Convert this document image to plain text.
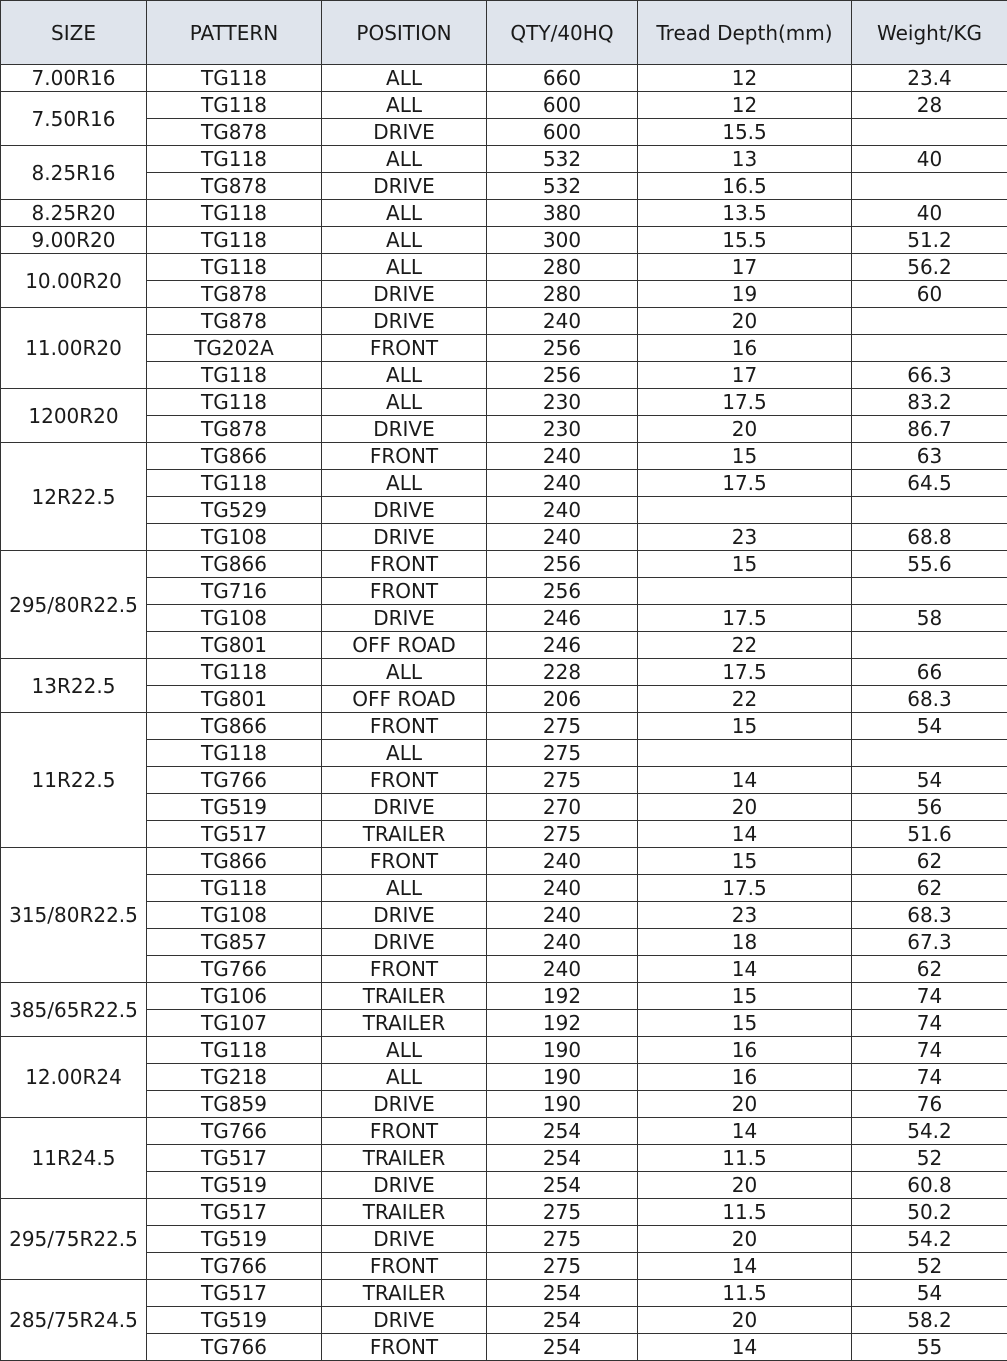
SIZE	PATTERN	POSITION	QTY/40HQ	Tread Depth(mm)	Weight/KG
7.00R16	TG118	ALL	660	12	23.4
7.50R16	TG118	ALL	600	12	28
	TG878	DRIVE	600	15.5	
8.25R16	TG118	ALL	532	13	40
	TG878	DRIVE	532	16.5	
8.25R20	TG118	ALL	380	13.5	40
9.00R20	TG118	ALL	300	15.5	51.2
10.00R20	TG118	ALL	280	17	56.2
	TG878	DRIVE	280	19	60
11.00R20	TG878	DRIVE	240	20	
	TG202A	FRONT	256	16	
	TG118	ALL	256	17	66.3
1200R20	TG118	ALL	230	17.5	83.2
	TG878	DRIVE	230	20	86.7
12R22.5	TG866	FRONT	240	15	63
	TG118	ALL	240	17.5	64.5
	TG529	DRIVE	240		
	TG108	DRIVE	240	23	68.8
295/80R22.5	TG866	FRONT	256	15	55.6
	TG716	FRONT	256		
	TG108	DRIVE	246	17.5	58
	TG801	OFF ROAD	246	22	
13R22.5	TG118	ALL	228	17.5	66
	TG801	OFF ROAD	206	22	68.3
11R22.5	TG866	FRONT	275	15	54
	TG118	ALL	275		
	TG766	FRONT	275	14	54
	TG519	DRIVE	270	20	56
	TG517	TRAILER	275	14	51.6
315/80R22.5	TG866	FRONT	240	15	62
	TG118	ALL	240	17.5	62
	TG108	DRIVE	240	23	68.3
	TG857	DRIVE	240	18	67.3
	TG766	FRONT	240	14	62
385/65R22.5	TG106	TRAILER	192	15	74
	TG107	TRAILER	192	15	74
12.00R24	TG118	ALL	190	16	74
	TG218	ALL	190	16	74
	TG859	DRIVE	190	20	76
11R24.5	TG766	FRONT	254	14	54.2
	TG517	TRAILER	254	11.5	52
	TG519	DRIVE	254	20	60.8
295/75R22.5	TG517	TRAILER	275	11.5	50.2
	TG519	DRIVE	275	20	54.2
	TG766	FRONT	275	14	52
285/75R24.5	TG517	TRAILER	254	11.5	54
	TG519	DRIVE	254	20	58.2
	TG766	FRONT	254	14	55
